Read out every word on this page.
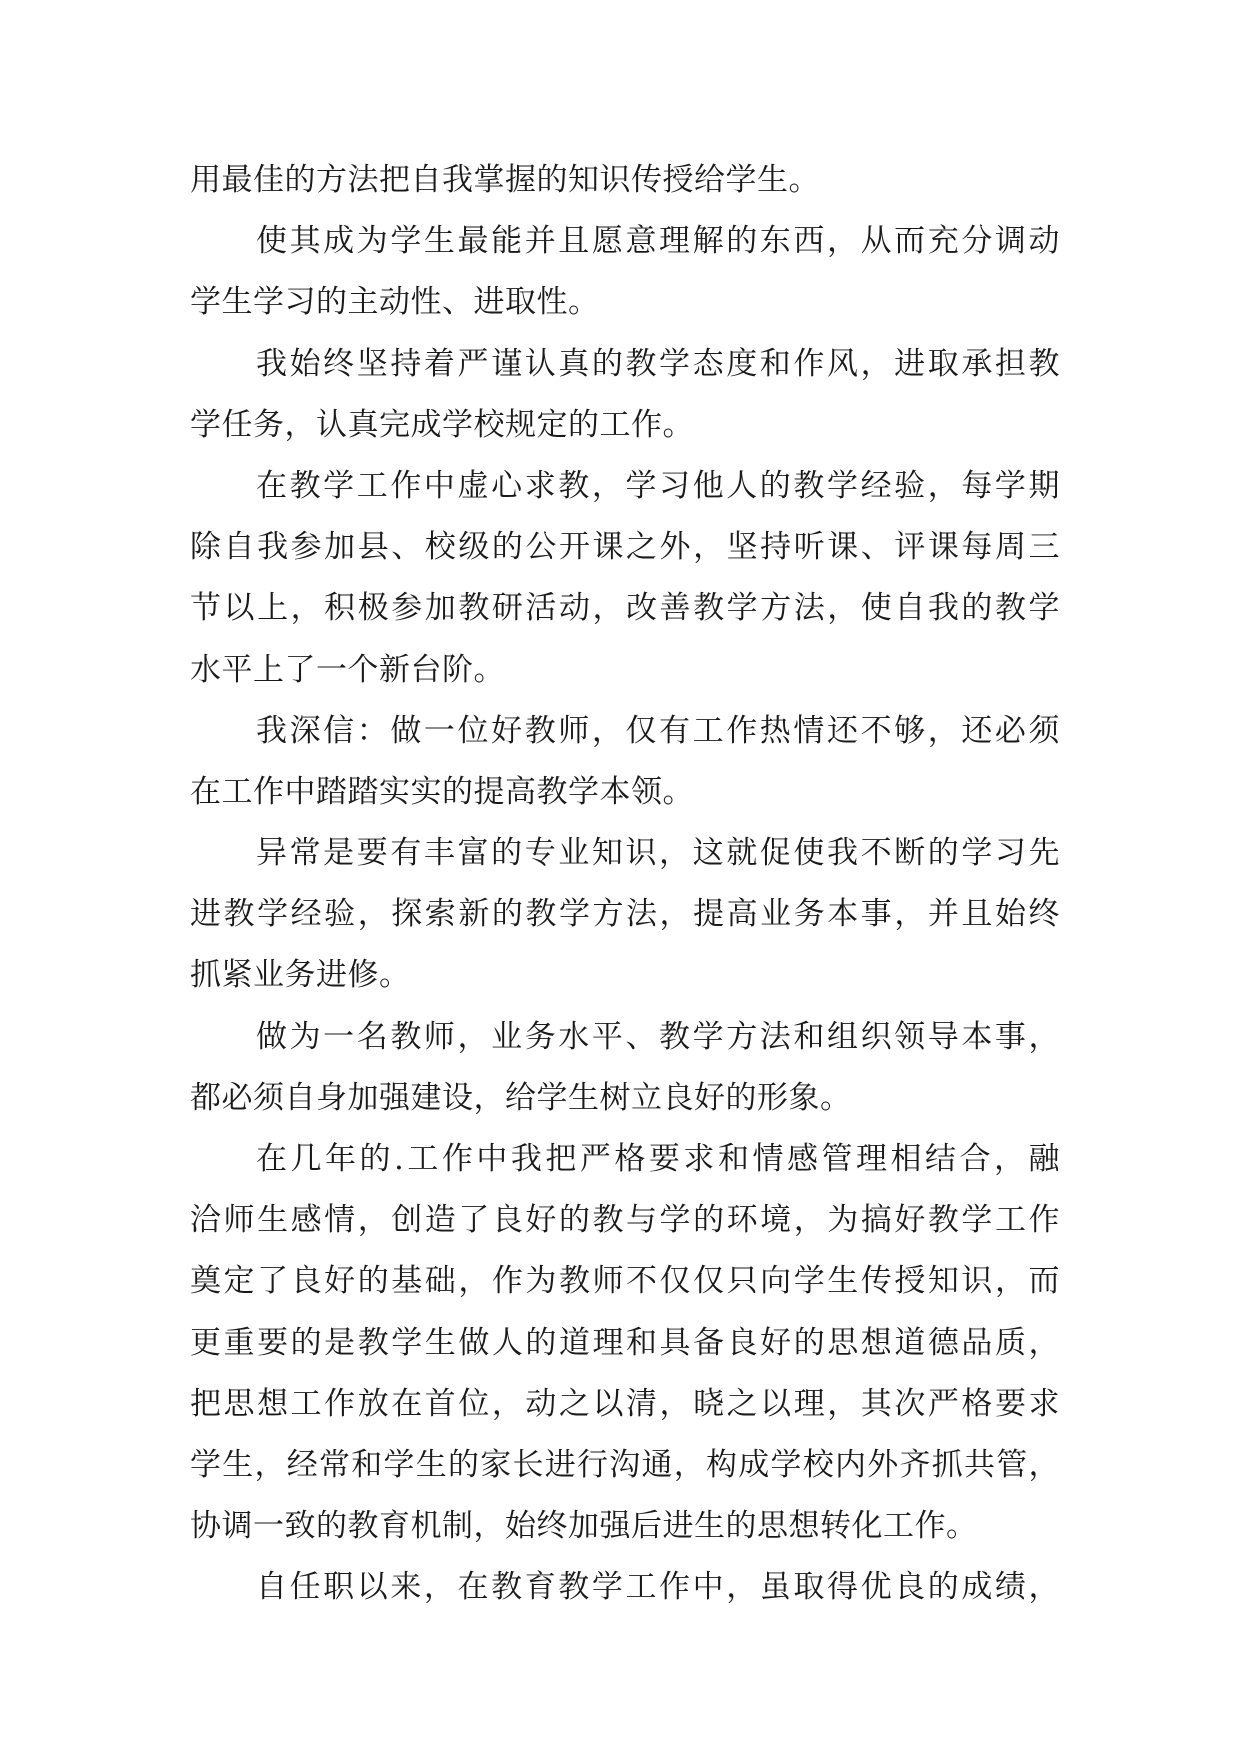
用最佳的方法把自我掌握的知识传授给学生。
使其成为学生最能并且愿意理解的东西，从而充分调动
学生学习的主动性、进取性。
我始终坚持着严谨认真的教学态度和作风，进取承担教
学任务，认真完成学校规定的工作。
在教学工作中虚心求教，学习他人的教学经验，每学期
除自我参加县、校级的公开课之外，坚持听课、评课每周三
节以上，积极参加教研活动，改善教学方法，使自我的教学
水平上了一个新台阶。
我深信：做一位好教师，仅有工作热情还不够，还必须
在工作中踏踏实实的提高教学本领。
异常是要有丰富的专业知识，这就促使我不断的学习先
进教学经验，探索新的教学方法，提高业务本事，并且始终
抓紧业务进修。
做为一名教师，业务水平、教学方法和组织领导本事，
都必须自身加强建设，给学生树立良好的形象。
在几年的.工作中我把严格要求和情感管理相结合，融
洽师生感情，创造了良好的教与学的环境，为搞好教学工作
奠定了良好的基础，作为教师不仅仅只向学生传授知识，而
更重要的是教学生做人的道理和具备良好的思想道德品质，
把思想工作放在首位，动之以清，晓之以理，其次严格要求
学生，经常和学生的家长进行沟通，构成学校内外齐抓共管，
协调一致的教育机制，始终加强后进生的思想转化工作。
自任职以来，在教育教学工作中，虽取得优良的成绩，
